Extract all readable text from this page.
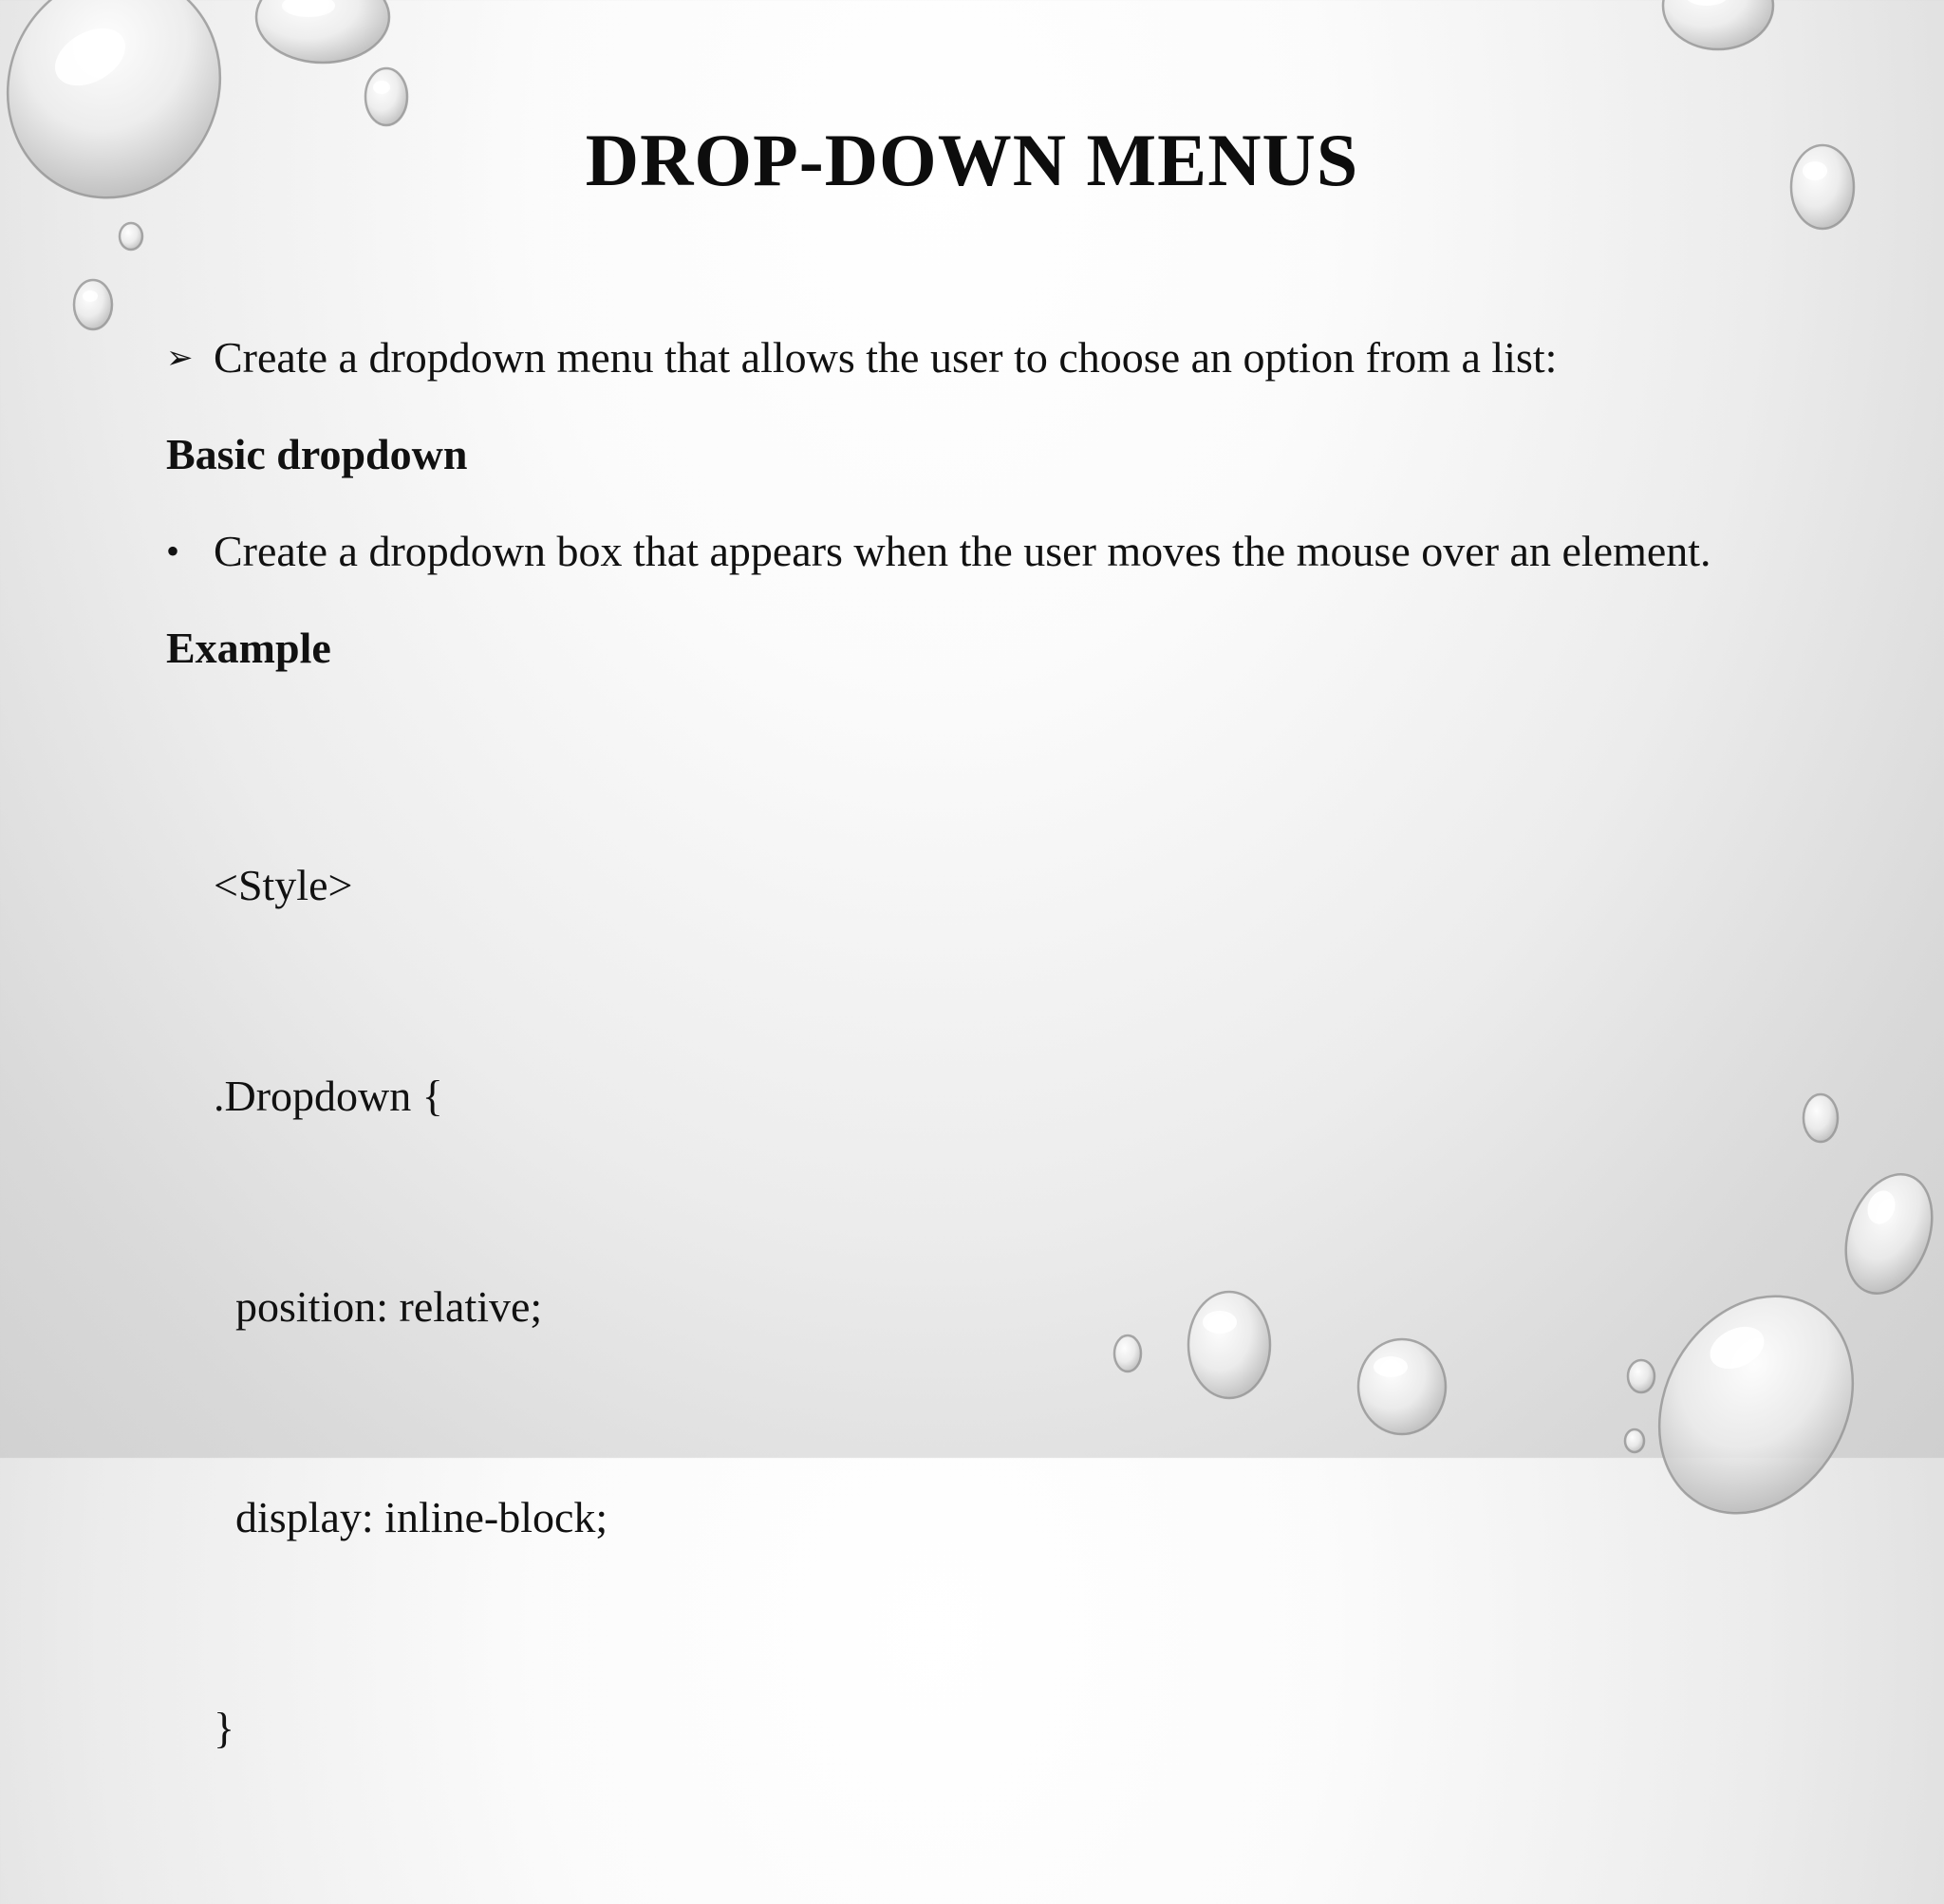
DROP-DOWN MENUS
➢ Create a dropdown menu that allows the user to choose an option from a list:

Basic dropdown

• Create a dropdown box that appears when the user moves the mouse over an element.

Example

<Style>

.Dropdown {

position: relative;

display: inline-block;

}
